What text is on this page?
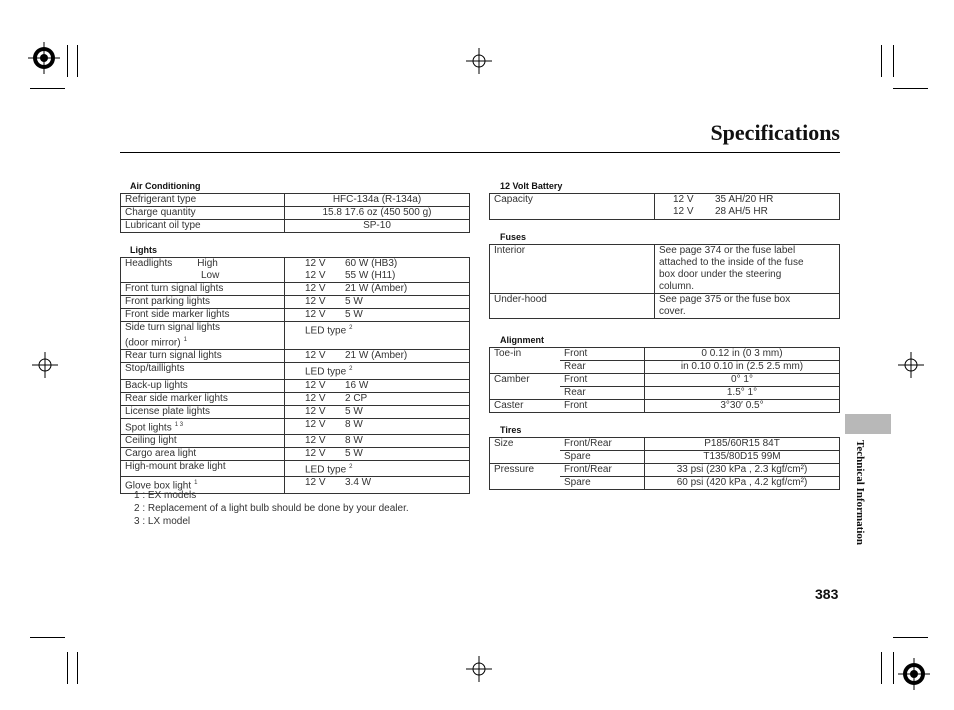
Specifications
Air Conditioning
Refrigerant type	HFC-134a (R-134a)
Charge quantity	15.8 17.6 oz (450 500 g)
Lubricant oil type	SP-10
Lights
Headlights High	12 V 60 W (HB3)
Low	12 V 55 W (H11)
Front turn signal lights	12 V 21 W (Amber)
Front parking lights	12 V 5 W
Front side marker lights	12 V 5 W
Side turn signal lights
(door mirror) $^1$	LED type $^2$
Rear turn signal lights	12 V 21 W (Amber)
Stop/taillights	LED type $^2$
Back-up lights	12 V 16 W
Rear side marker lights	12 V 2 CP
License plate lights	12 V 5 W
Spot lights $^{1 3}$	12 V 8 W
Ceiling light	12 V 8 W
Cargo area light	12 V 5 W
High-mount brake light	LED type $^2$
Glove box light $^1$	12 V 3.4 W
1 : EX models
2 : Replacement of a light bulb should be done by your dealer.
3 : LX model
12 Volt Battery
Capacity	12 V 35 AH/20 HR
12 V 28 AH/5 HR
Fuses
Interior	See page 374 or the fuse label
attached to the inside of the fuse
box door under the steering
column.

Under-hood	See page 375 or the fuse box
cover.
Alignment
Toe-in	Front	0 0.12 in (0 3 mm)
	Rear	in 0.10 0.10 in (2.5 2.5 mm)
Camber	Front	0° 1°
	Rear	1.5° 1°
Caster	Front	3°30′ 0.5°
Tires
Size	Front/Rear	P185/60R15 84T
	Spare	T135/80D15 99M
Pressure	Front/Rear	33 psi (230 kPa , 2.3 kgf/cm²)
	Spare	60 psi (420 kPa , 4.2 kgf/cm²)	Technical Information
383
